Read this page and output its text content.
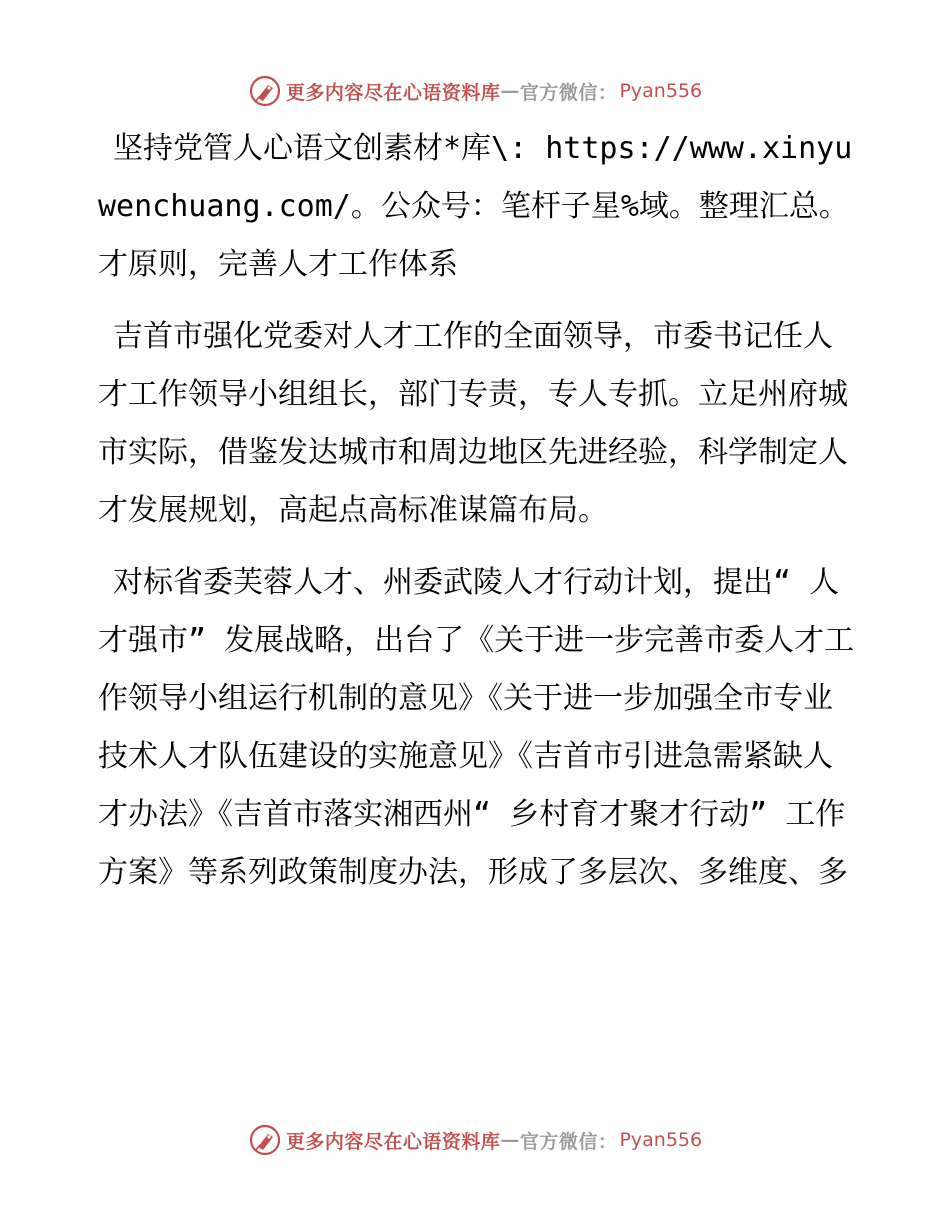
更多内容尽在心语资料库 — 官方微信： Pyan556

坚持党管人心语文创素材*库\: https://www.xinyuwenchuang.com/。公众号：笔杆子星%域。整理汇总。才原则，完善人才工作体系

吉首市强化党委对人才工作的全面领导，市委书记任人才工作领导小组组长，部门专责，专人专抓。立足州府城市实际，借鉴发达城市和周边地区先进经验，科学制定人才发展规划，高起点高标准谋篇布局。

对标省委芙蓉人才、州委武陵人才行动计划，提出“ 人才强市” 发展战略，出台了《关于进一步完善市委人才工作领导小组运行机制的意见》《关于进一步加强全市专业技术人才队伍建设的实施意见》《吉首市引进急需紧缺人才办法》《吉首市落实湘西州“ 乡村育才聚才行动” 工作方案》等系列政策制度办法，形成了多层次、多维度、多

更多内容尽在心语资料库 — 官方微信： Pyan556
